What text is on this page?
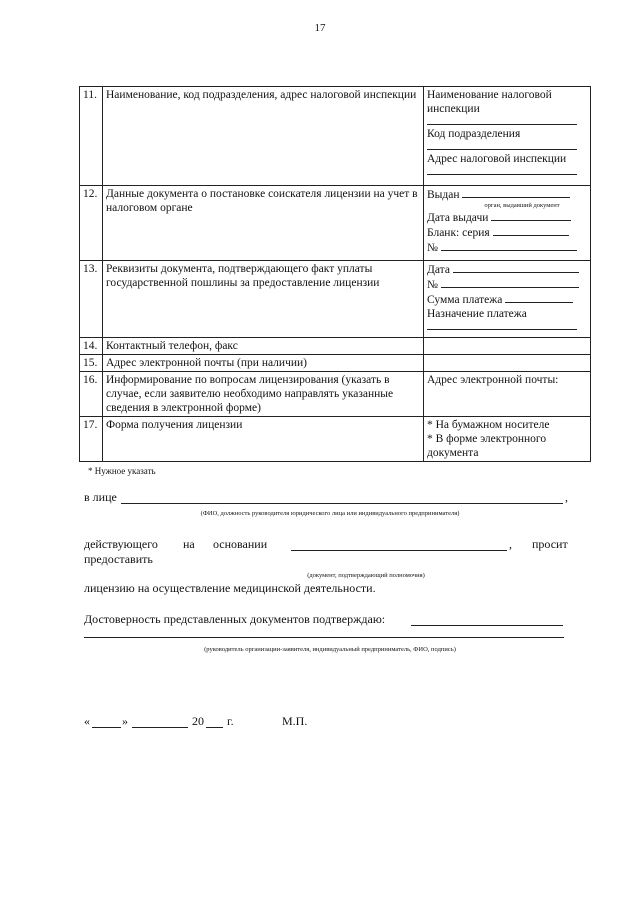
17
11.	Наименование, код подразделения, адрес налоговой инспекции	Наименование налоговой инспекции
Код подразделения
Адрес налоговой инспекции

12.	Данные документа о постановке соискателя лицензии на учет в налоговом органе	Выдан
орган, выдавший документ
Дата выдачи
Бланк: серия
№

13.	Реквизиты документа, подтверждающего факт уплаты государственной пошлины за предоставление лицензии	Дата
№
Сумма платежа
Назначение платежа

14.	Контактный телефон, факс	
15.	Адрес электронной почты (при наличии)	
16.	Информирование по вопросам лицензирования (указать в случае, если заявителю необходимо направлять указанные сведения в электронной форме)	Адрес электронной почты:
17.	Форма получения лицензии	* На бумажном носителе
* В форме электронного документа
* Нужное указать
в лице	,
(ФИО, должность руководителя юридического лица или индивидуального предпринимателя)
действующего на основании	, просит
предоставить
(документ, подтверждающий полномочия)
лицензию на осуществление медицинской деятельности.
Достоверность представленных документов подтверждаю:
(руководитель организации-заявителя, индивидуальный предприниматель, ФИО, подпись)
«	»	20 г.	М.П.
